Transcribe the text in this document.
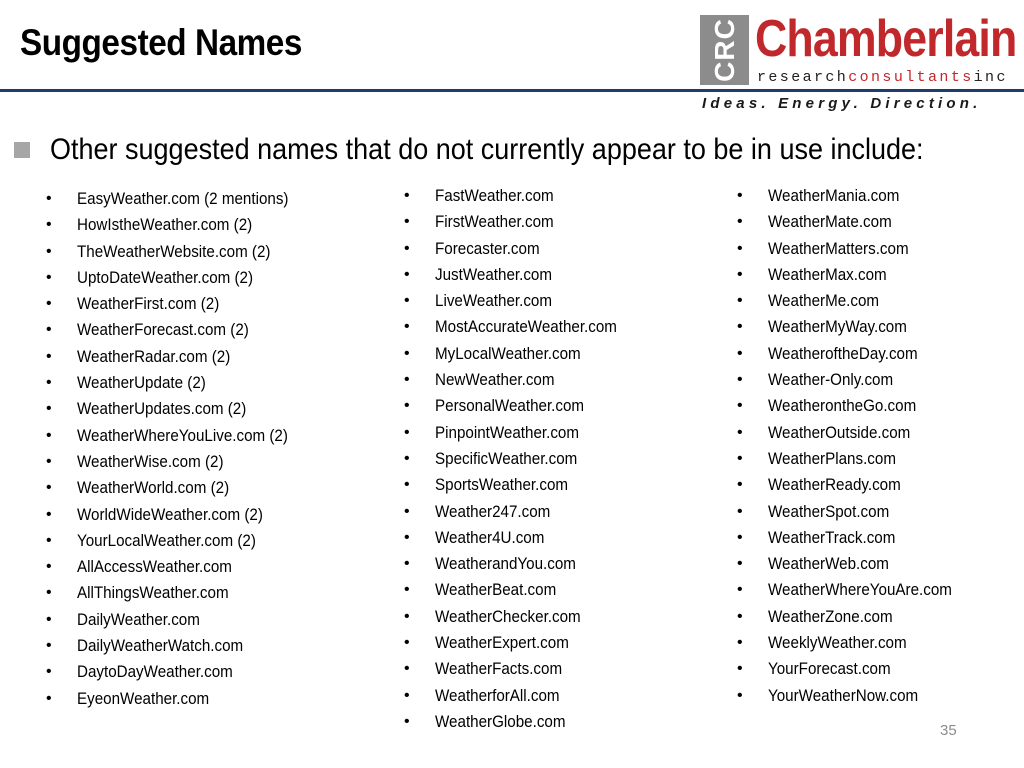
Suggested Names	CRC Chamberlain
researchconsultantsinc
Ideas. Energy. Direction.
Other suggested names that do not currently appear to be in use include:
• EasyWeather.com (2 mentions)
• HowIstheWeather.com (2)
• TheWeatherWebsite.com (2)
• UptoDateWeather.com (2)
• WeatherFirst.com (2)
• WeatherForecast.com (2)
• WeatherRadar.com (2)
• WeatherUpdate (2)
• WeatherUpdates.com (2)
• WeatherWhereYouLive.com (2)
• WeatherWise.com (2)
• WeatherWorld.com (2)
• WorldWideWeather.com (2)
• YourLocalWeather.com (2)
• AllAccessWeather.com
• AllThingsWeather.com
• DailyWeather.com
• DailyWeatherWatch.com
• DaytoDayWeather.com
• EyeonWeather.com
• FastWeather.com
• FirstWeather.com
• Forecaster.com
• JustWeather.com
• LiveWeather.com
• MostAccurateWeather.com
• MyLocalWeather.com
• NewWeather.com
• PersonalWeather.com
• PinpointWeather.com
• SpecificWeather.com
• SportsWeather.com
• Weather247.com
• Weather4U.com
• WeatherandYou.com
• WeatherBeat.com
• WeatherChecker.com
• WeatherExpert.com
• WeatherFacts.com
• WeatherforAll.com
• WeatherGlobe.com
• WeatherMania.com
• WeatherMate.com
• WeatherMatters.com
• WeatherMax.com
• WeatherMe.com
• WeatherMyWay.com
• WeatheroftheDay.com
• Weather-Only.com
• WeatherontheGo.com
• WeatherOutside.com
• WeatherPlans.com
• WeatherReady.com
• WeatherSpot.com
• WeatherTrack.com
• WeatherWeb.com
• WeatherWhereYouAre.com
• WeatherZone.com
• WeeklyWeather.com
• YourForecast.com
• YourWeatherNow.com
35
